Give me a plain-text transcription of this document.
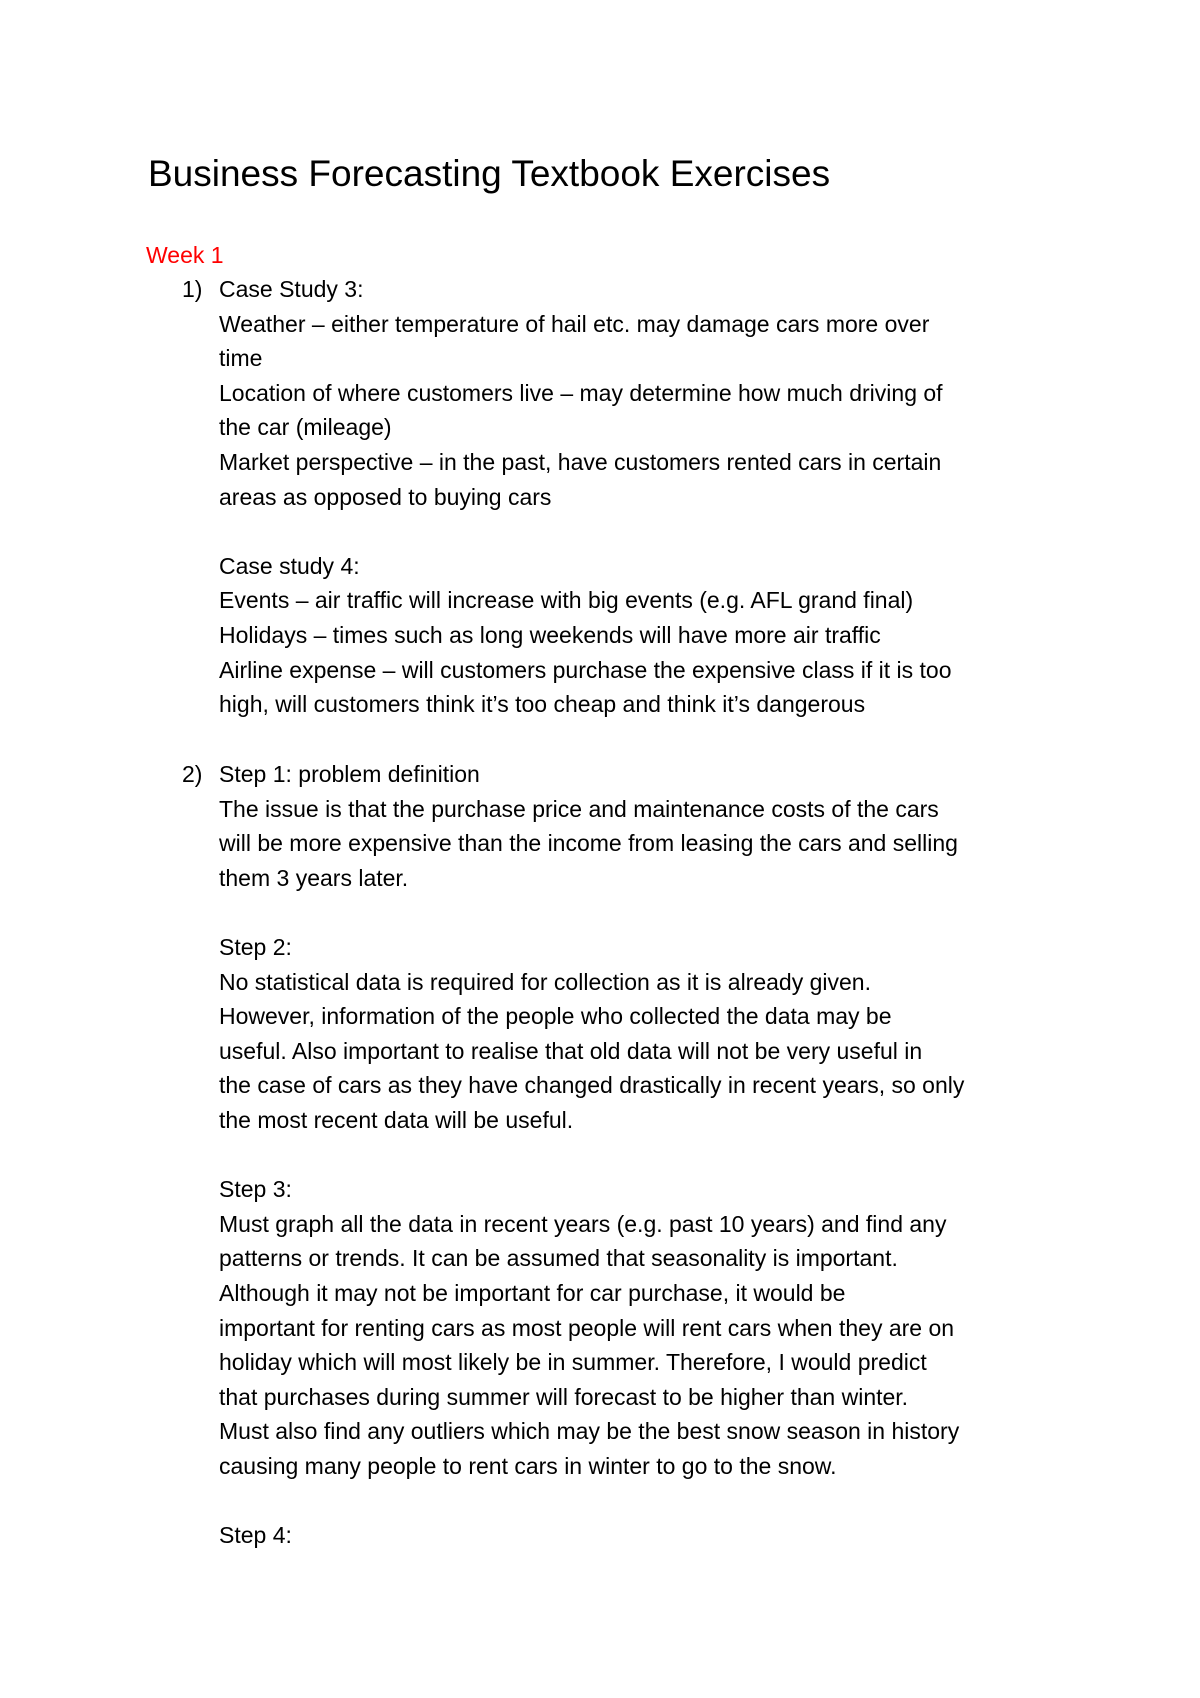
Business Forecasting Textbook Exercises
Week 1
1) Case Study 3:
Weather – either temperature of hail etc. may damage cars more over
time
Location of where customers live – may determine how much driving of
the car (mileage)
Market perspective – in the past, have customers rented cars in certain
areas as opposed to buying cars
Case study 4:
Events – air traffic will increase with big events (e.g. AFL grand final)
Holidays – times such as long weekends will have more air traffic
Airline expense – will customers purchase the expensive class if it is too
high, will customers think it’s too cheap and think it’s dangerous
2) Step 1: problem definition
The issue is that the purchase price and maintenance costs of the cars
will be more expensive than the income from leasing the cars and selling
them 3 years later.
Step 2:
No statistical data is required for collection as it is already given.
However, information of the people who collected the data may be
useful. Also important to realise that old data will not be very useful in
the case of cars as they have changed drastically in recent years, so only
the most recent data will be useful.
Step 3:
Must graph all the data in recent years (e.g. past 10 years) and find any
patterns or trends. It can be assumed that seasonality is important.
Although it may not be important for car purchase, it would be
important for renting cars as most people will rent cars when they are on
holiday which will most likely be in summer. Therefore, I would predict
that purchases during summer will forecast to be higher than winter.
Must also find any outliers which may be the best snow season in history
causing many people to rent cars in winter to go to the snow.
Step 4:
